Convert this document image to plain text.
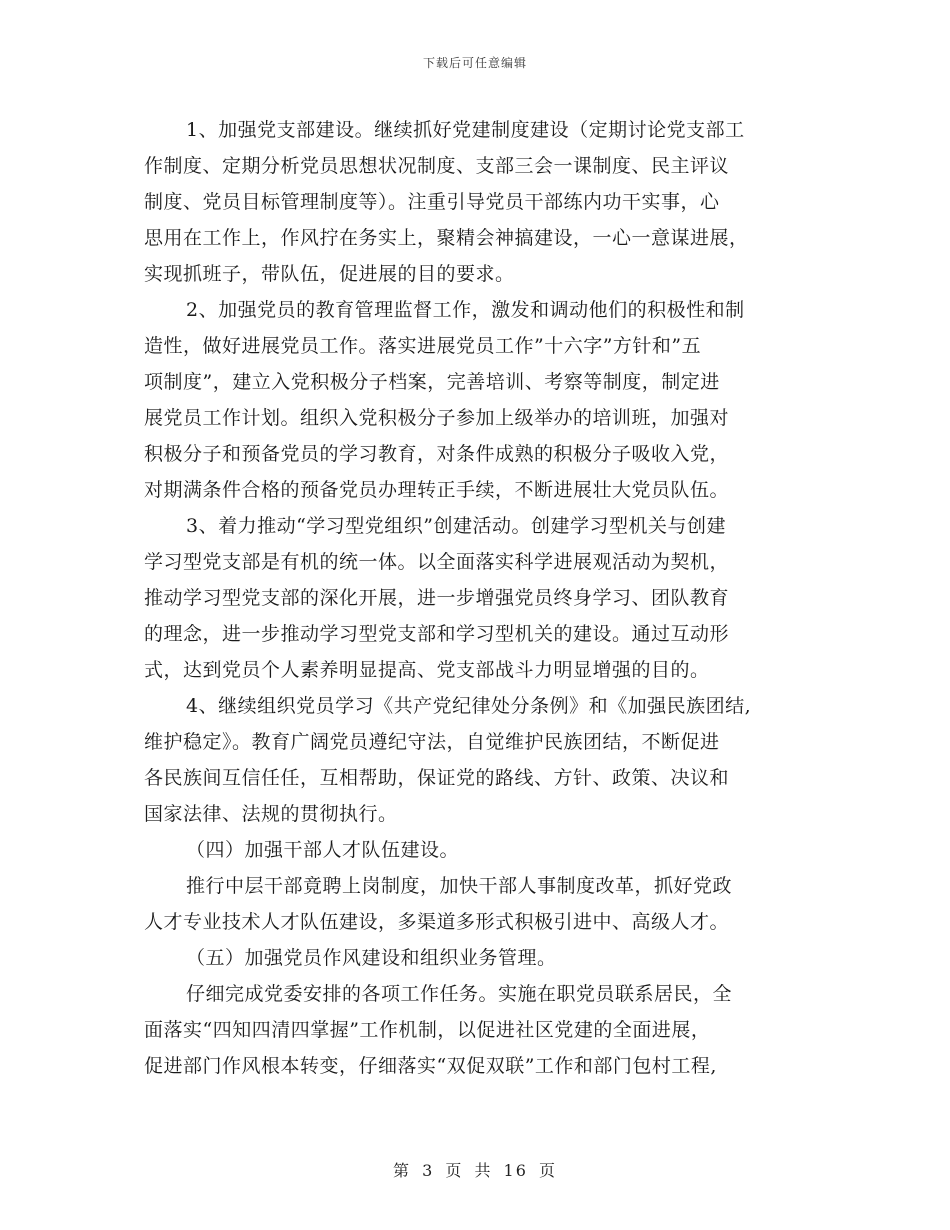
下载后可任意编辑
1、加强党支部建设。继续抓好党建制度建设（定期讨论党支部工
作制度、定期分析党员思想状况制度、支部三会一课制度、民主评议
制度、党员目标管理制度等）。注重引导党员干部练内功干实事，心
思用在工作上，作风拧在务实上，聚精会神搞建设，一心一意谋进展，
实现抓班子，带队伍，促进展的目的要求。
2、加强党员的教育管理监督工作，激发和调动他们的积极性和制
造性，做好进展党员工作。落实进展党员工作”十六字”方针和”五
项制度”，建立入党积极分子档案，完善培训、考察等制度，制定进
展党员工作计划。组织入党积极分子参加上级举办的培训班，加强对
积极分子和预备党员的学习教育，对条件成熟的积极分子吸收入党，
对期满条件合格的预备党员办理转正手续，不断进展壮大党员队伍。
3、着力推动“学习型党组织”创建活动。创建学习型机关与创建
学习型党支部是有机的统一体。以全面落实科学进展观活动为契机，
推动学习型党支部的深化开展，进一步增强党员终身学习、团队教育
的理念，进一步推动学习型党支部和学习型机关的建设。通过互动形
式，达到党员个人素养明显提高、党支部战斗力明显增强的目的。
4、继续组织党员学习《共产党纪律处分条例》和《加强民族团结,
维护稳定》。教育广阔党员遵纪守法，自觉维护民族团结，不断促进
各民族间互信任任，互相帮助，保证党的路线、方针、政策、决议和
国家法律、法规的贯彻执行。
（四）加强干部人才队伍建设。
推行中层干部竟聘上岗制度，加快干部人事制度改革，抓好党政
人才专业技术人才队伍建设，多渠道多形式积极引进中、高级人才。
（五）加强党员作风建设和组织业务管理。
仔细完成党委安排的各项工作任务。实施在职党员联系居民，全
面落实“四知四清四掌握”工作机制，以促进社区党建的全面进展，
促进部门作风根本转变，仔细落实“双促双联”工作和部门包村工程,
第 3 页 共 16 页
